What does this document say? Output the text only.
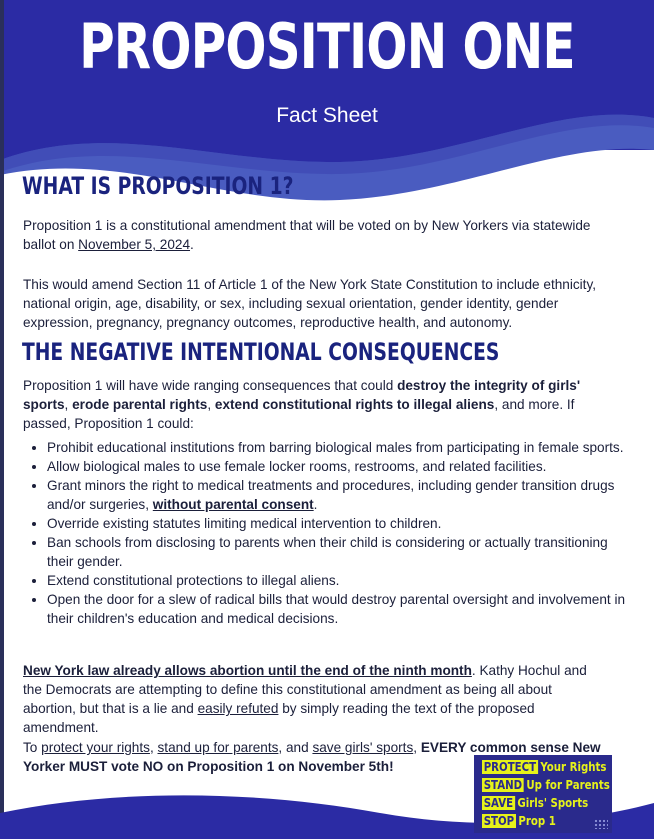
PROPOSITION ONE
Fact Sheet
WHAT IS PROPOSITION 1?
Proposition 1 is a constitutional amendment that will be voted on by New Yorkers via statewide ballot on November 5, 2024.
This would amend Section 11 of Article 1 of the New York State Constitution to include ethnicity, national origin, age, disability, or sex, including sexual orientation, gender identity, gender expression, pregnancy, pregnancy outcomes, reproductive health, and autonomy.
THE NEGATIVE INTENTIONAL CONSEQUENCES
Proposition 1 will have wide ranging consequences that could destroy the integrity of girls' sports, erode parental rights, extend constitutional rights to illegal aliens, and more. If passed, Proposition 1 could:
• Prohibit educational institutions from barring biological males from participating in female sports.
• Allow biological males to use female locker rooms, restrooms, and related facilities.
• Grant minors the right to medical treatments and procedures, including gender transition drugs and/or surgeries, without parental consent.
• Override existing statutes limiting medical intervention to children.
• Ban schools from disclosing to parents when their child is considering or actually transitioning their gender.
• Extend constitutional protections to illegal aliens.
• Open the door for a slew of radical bills that would destroy parental oversight and involvement in their children's education and medical decisions.
New York law already allows abortion until the end of the ninth month. Kathy Hochul and the Democrats are attempting to define this constitutional amendment as being all about abortion, but that is a lie and easily refuted by simply reading the text of the proposed amendment.
To protect your rights, stand up for parents, and save girls' sports, EVERY common sense New Yorker MUST vote NO on Proposition 1 on November 5th!	PROTECT Your Rights
STAND Up for Parents
SAVE Girls' Sports
STOP Prop 1
